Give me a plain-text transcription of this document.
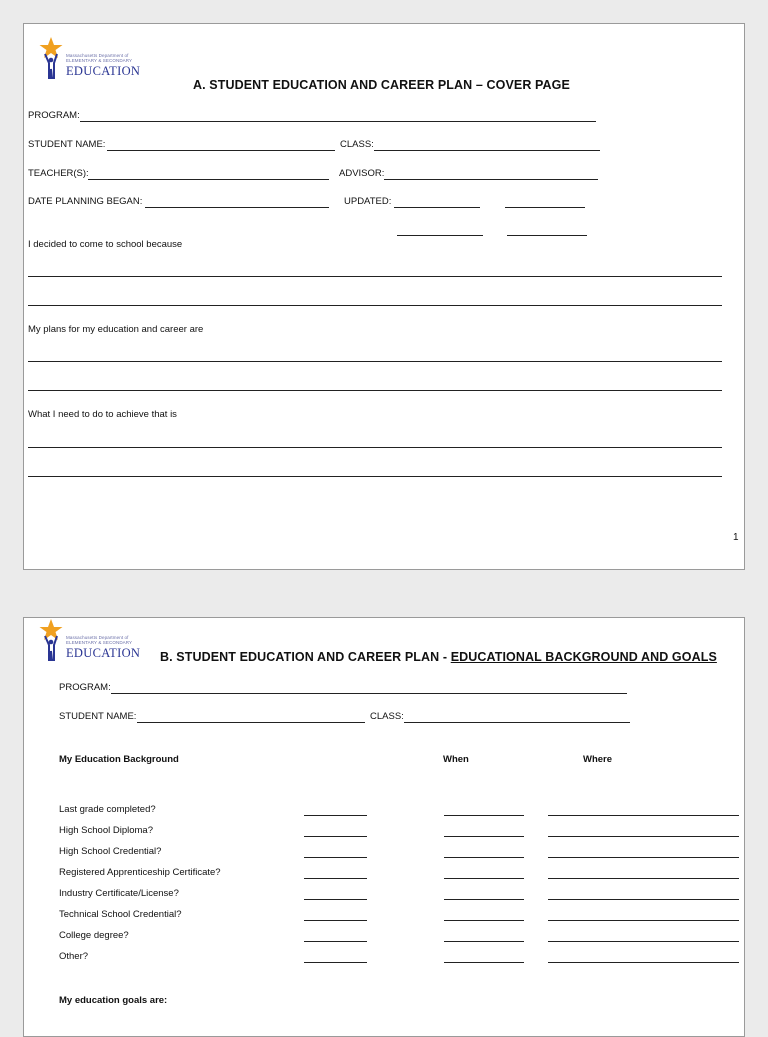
Massachusetts Department of
ELEMENTARY & SECONDARY
EDUCATION
A. STUDENT EDUCATION AND CAREER PLAN – COVER PAGE
PROGRAM:
STUDENT NAME:	CLASS:
TEACHER(S):	ADVISOR:
DATE PLANNING BEGAN:	UPDATED:
I decided to come to school because
My plans for my education and career are
What I need to do to achieve that is
1
Massachusetts Department of
ELEMENTARY & SECONDARY
EDUCATION B. STUDENT EDUCATION AND CAREER PLAN - EDUCATIONAL BACKGROUND AND GOALS
PROGRAM:
STUDENT NAME:	CLASS:
My Education Background	When	Where
Last grade completed?
High School Diploma?
High School Credential?
Registered Apprenticeship Certificate?
Industry Certificate/License?
Technical School Credential?
College degree?
Other?
My education goals are:
